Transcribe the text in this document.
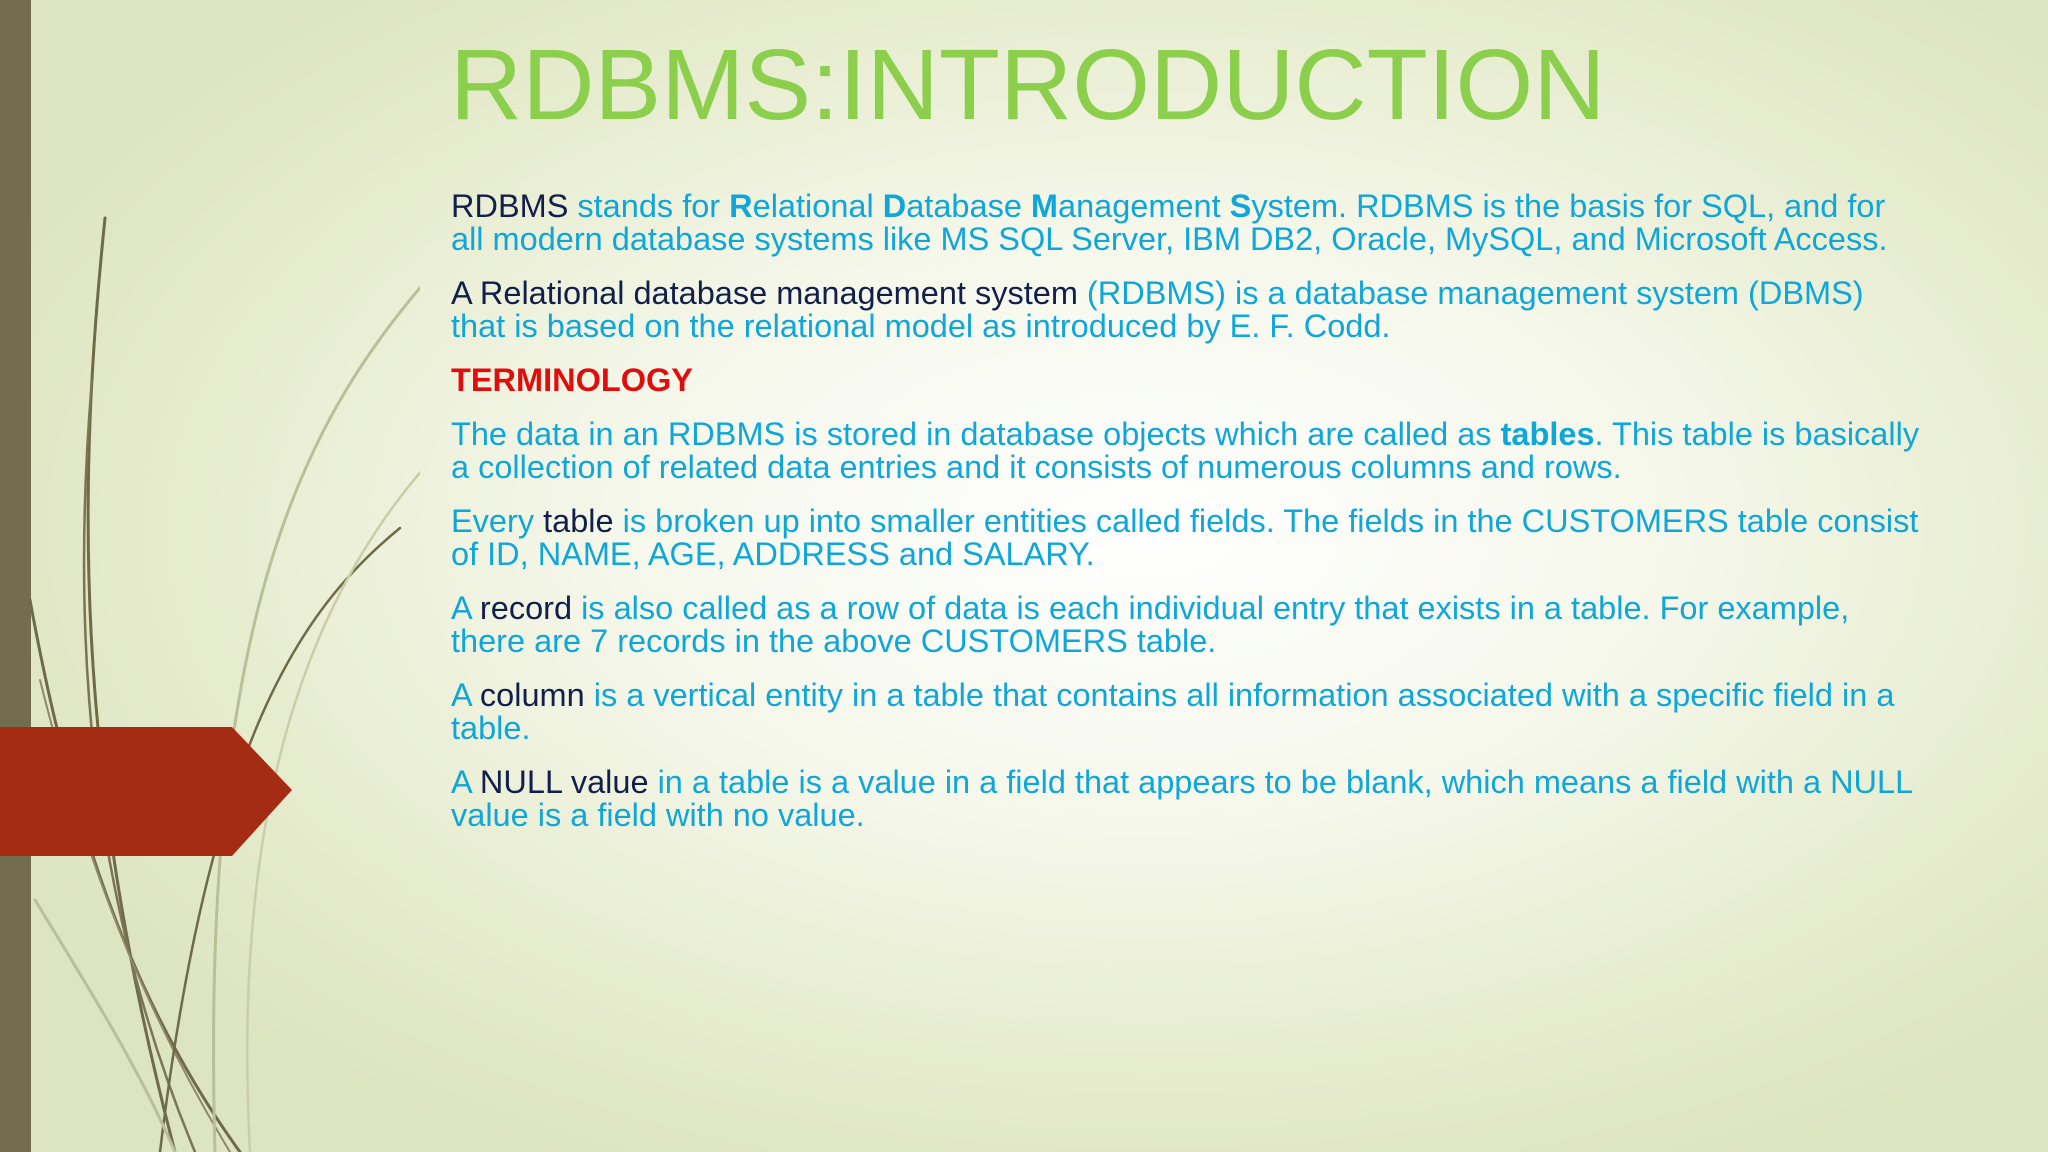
RDBMS:INTRODUCTION

RDBMS stands for Relational Database Management System. RDBMS is the basis for SQL, and for all modern database systems like MS SQL Server, IBM DB2, Oracle, MySQL, and Microsoft Access.

A Relational database management system (RDBMS) is a database management system (DBMS) that is based on the relational model as introduced by E. F. Codd.

TERMINOLOGY

The data in an RDBMS is stored in database objects which are called as tables. This table is basically a collection of related data entries and it consists of numerous columns and rows.

Every table is broken up into smaller entities called fields. The fields in the CUSTOMERS table consist of ID, NAME, AGE, ADDRESS and SALARY.

A record is also called as a row of data is each individual entry that exists in a table. For example, there are 7 records in the above CUSTOMERS table.

A column is a vertical entity in a table that contains all information associated with a specific field in a table.

A NULL value in a table is a value in a field that appears to be blank, which means a field with a NULL value is a field with no value.
